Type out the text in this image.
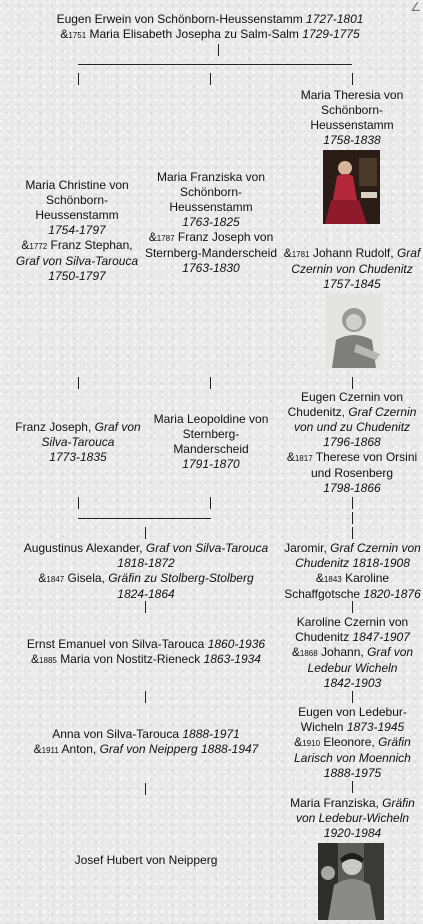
∠
Eugen Erwein von Schönborn-Heussenstamm 1727-1801
&1751 Maria Elisabeth Josepha zu Salm-Salm 1729-1775
Maria Theresia von Schönborn-Heussenstamm
1758-1838
&1781 Johann Rudolf, Graf Czernin von Chudenitz
1757-1845
Maria Christine von Schönborn-Heussenstamm
1754-1797
&1772 Franz Stephan,
Graf von Silva-Tarouca
1750-1797
Maria Franziska von Schönborn-Heussenstamm
1763-1825
&1787 Franz Joseph von Sternberg-Manderscheid
1763-1830
Franz Joseph, Graf von Silva-Tarouca
1773-1835
Maria Leopoldine von Sternberg-Manderscheid
1791-1870
Eugen Czernin von Chudenitz, Graf Czernin von und zu Chudenitz
1796-1868
&1817 Therese von Orsini und Rosenberg
1798-1866
Augustinus Alexander, Graf von Silva-Tarouca
1818-1872
&1847 Gisela, Gräfin zu Stolberg-Stolberg
1824-1864
Jaromir, Graf Czernin von Chudenitz 1818-1908
&1843 Karoline Schaffgotsche 1820-1876
Ernst Emanuel von Silva-Tarouca 1860-1936
&1885 Maria von Nostitz-Rieneck 1863-1934
Karoline Czernin von Chudenitz 1847-1907
&1868 Johann, Graf von Ledebur Wicheln
1842-1903
Anna von Silva-Tarouca 1888-1971
&1911 Anton, Graf von Neipperg 1888-1947
Eugen von Ledebur-Wicheln 1873-1945
&1910 Eleonore, Gräfin Larisch von Moennich
1888-1975
Josef Hubert von Neipperg
Maria Franziska, Gräfin von Ledebur-Wicheln
1920-1984
